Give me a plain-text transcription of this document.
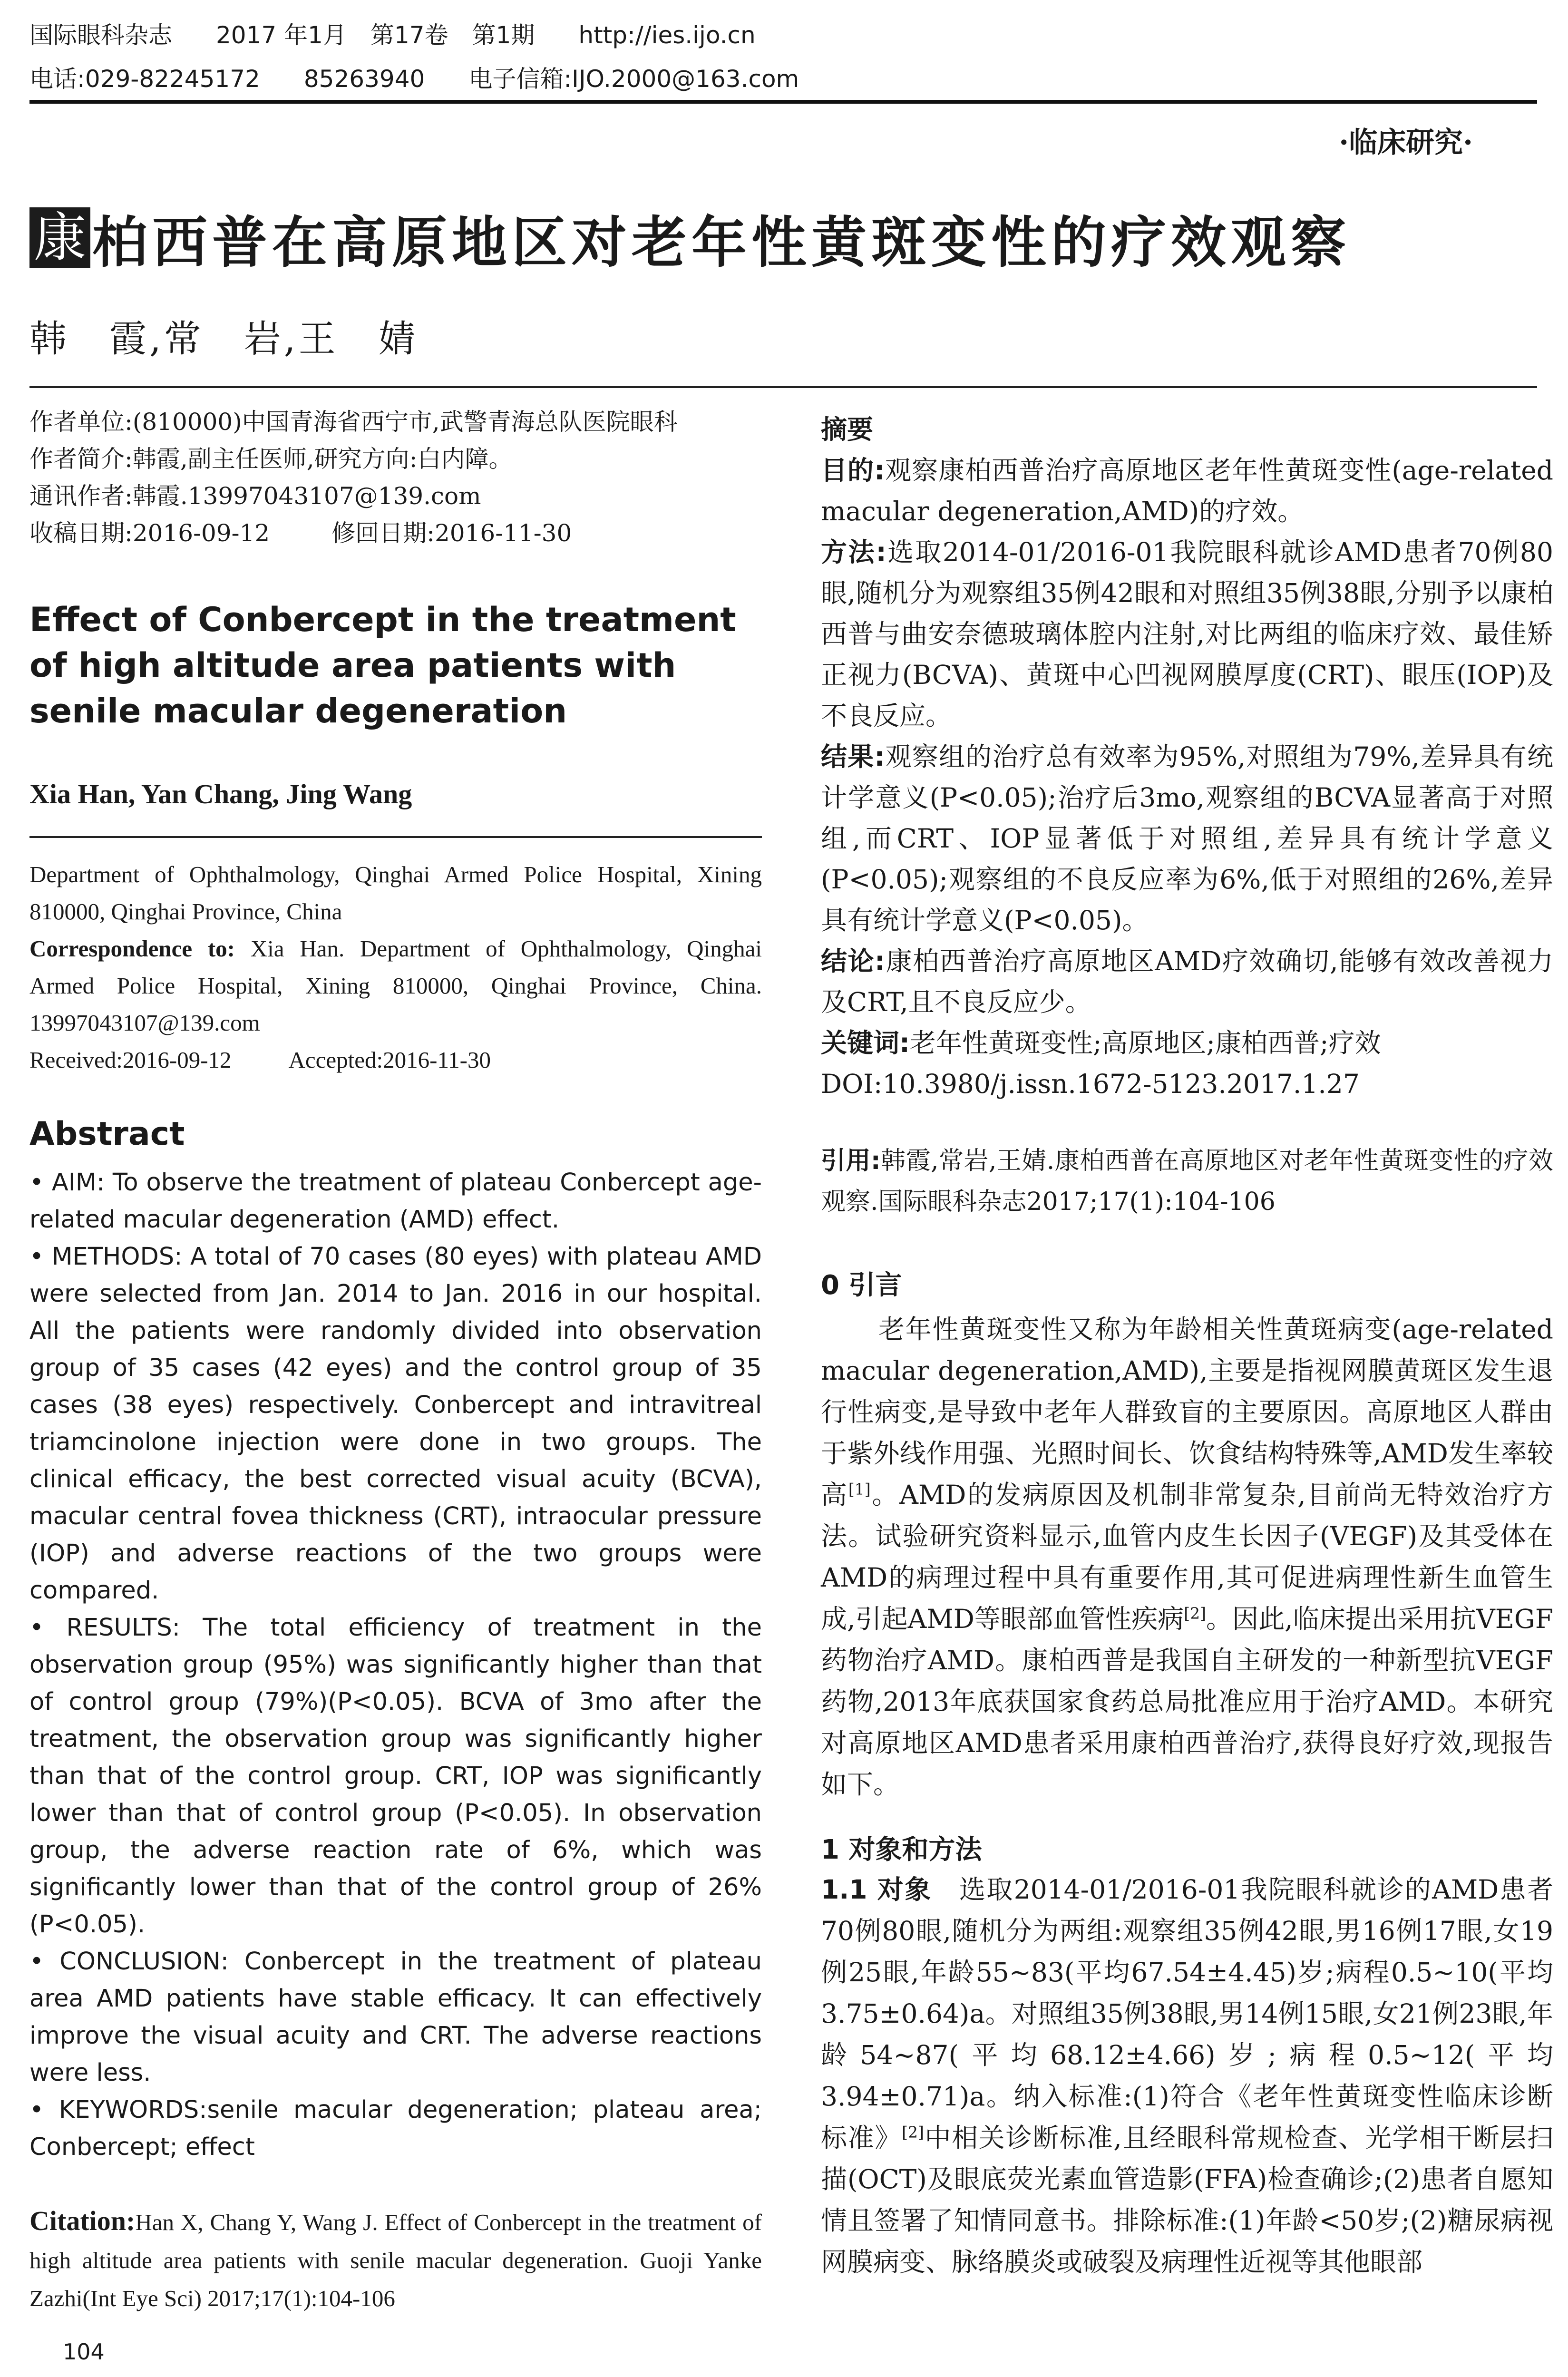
国际眼科杂志 2017 年1月　第17卷　第1期 http://ies.ijo.cn
电话:029-82245172 85263940 电子信箱:IJO.2000@163.com
·临床研究·
康 柏西普在高原地区对老年性黄斑变性的疗效观察
韩　霞,常　岩,王　婧
作者单位:(810000)中国青海省西宁市,武警青海总队医院眼科
作者简介:韩霞,副主任医师,研究方向:白内障。
通讯作者:韩霞.13997043107@139.com
收稿日期:2016-09-12	修回日期:2016-11-30
Effect of Conbercept in the treatment of high altitude area patients with senile macular degeneration
Xia Han, Yan Chang, Jing Wang

Department of Ophthalmology, Qinghai Armed Police Hospital, Xining 810000, Qinghai Province, China

Correspondence to: Xia Han. Department of Ophthalmology, Qinghai Armed Police Hospital, Xining 810000, Qinghai Province, China. 13997043107@139.com

Received:2016-09-12 Accepted:2016-11-30

Abstract

• AIM: To observe the treatment of plateau Conbercept age-related macular degeneration (AMD) effect.

• METHODS: A total of 70 cases (80 eyes) with plateau AMD were selected from Jan. 2014 to Jan. 2016 in our hospital. All the patients were randomly divided into observation group of 35 cases (42 eyes) and the control group of 35 cases (38 eyes) respectively. Conbercept and intravitreal triamcinolone injection were done in two groups. The clinical efficacy, the best corrected visual acuity (BCVA), macular central fovea thickness (CRT), intraocular pressure (IOP) and adverse reactions of the two groups were compared.

• RESULTS: The total efficiency of treatment in the observation group (95%) was significantly higher than that of control group (79%)(P<0.05). BCVA of 3mo after the treatment, the observation group was significantly higher than that of the control group. CRT, IOP was significantly lower than that of control group (P<0.05). In observation group, the adverse reaction rate of 6%, which was significantly lower than that of the control group of 26% (P<0.05).

• CONCLUSION: Conbercept in the treatment of plateau area AMD patients have stable efficacy. It can effectively improve the visual acuity and CRT. The adverse reactions were less.

• KEYWORDS:senile macular degeneration; plateau area; Conbercept; effect

Citation:Han X, Chang Y, Wang J. Effect of Conbercept in the treatment of high altitude area patients with senile macular degeneration. Guoji Yanke Zazhi(Int Eye Sci) 2017;17(1):104-106
104

摘要

目的:观察康柏西普治疗高原地区老年性黄斑变性(age-related macular degeneration,AMD)的疗效。

方法:选取2014-01/2016-01我院眼科就诊AMD患者70例80眼,随机分为观察组35例42眼和对照组35例38眼,分别予以康柏西普与曲安奈德玻璃体腔内注射,对比两组的临床疗效、最佳矫正视力(BCVA)、黄斑中心凹视网膜厚度(CRT)、眼压(IOP)及不良反应。

结果:观察组的治疗总有效率为95%,对照组为79%,差异具有统计学意义(P<0.05);治疗后3mo,观察组的BCVA显著高于对照组,而CRT、IOP显著低于对照组,差异具有统计学意义(P<0.05);观察组的不良反应率为6%,低于对照组的26%,差异具有统计学意义(P<0.05)。

结论:康柏西普治疗高原地区AMD疗效确切,能够有效改善视力及CRT,且不良反应少。

关键词:老年性黄斑变性;高原地区;康柏西普;疗效

DOI:10.3980/j.issn.1672-5123.2017.1.27

引用:韩霞,常岩,王婧.康柏西普在高原地区对老年性黄斑变性的疗效观察.国际眼科杂志2017;17(1):104-106
0 引言

老年性黄斑变性又称为年龄相关性黄斑病变(age-related macular degeneration,AMD),主要是指视网膜黄斑区发生退行性病变,是导致中老年人群致盲的主要原因。高原地区人群由于紫外线作用强、光照时间长、饮食结构特殊等,AMD发生率较高[1]。AMD的发病原因及机制非常复杂,目前尚无特效治疗方法。试验研究资料显示,血管内皮生长因子(VEGF)及其受体在AMD的病理过程中具有重要作用,其可促进病理性新生血管生成,引起AMD等眼部血管性疾病[2]。因此,临床提出采用抗VEGF药物治疗AMD。康柏西普是我国自主研发的一种新型抗VEGF药物,2013年底获国家食药总局批准应用于治疗AMD。本研究对高原地区AMD患者采用康柏西普治疗,获得良好疗效,现报告如下。

1 对象和方法

1.1 对象　选取2014-01/2016-01我院眼科就诊的AMD患者70例80眼,随机分为两组:观察组35例42眼,男16例17眼,女19例25眼,年龄55~83(平均67.54±4.45)岁;病程0.5~10(平均3.75±0.64)a。对照组35例38眼,男14例15眼,女21例23眼,年龄54~87(平均68.12±4.66)岁;病程0.5~12(平均3.94±0.71)a。纳入标准:(1)符合《老年性黄斑变性临床诊断标准》[2]中相关诊断标准,且经眼科常规检查、光学相干断层扫描(OCT)及眼底荧光素血管造影(FFA)检查确诊;(2)患者自愿知情且签署了知情同意书。排除标准:(1)年龄<50岁;(2)糖尿病视网膜病变、脉络膜炎或破裂及病理性近视等其他眼部
